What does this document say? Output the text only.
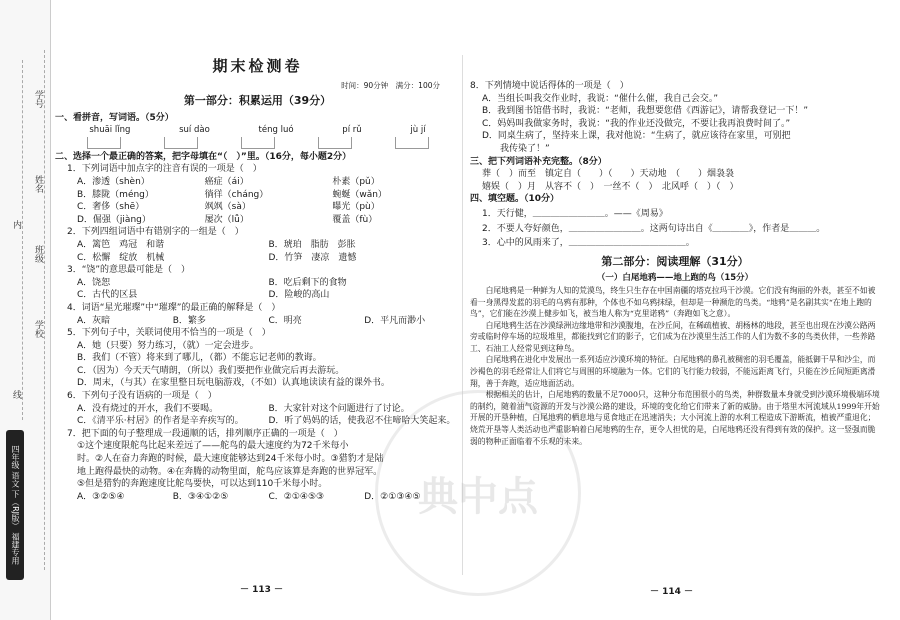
学号
姓名
班级
学校
内
线
四年级 语文 下（RJ版） 福建专用	典中点
期末检测卷
时间：90分钟　满分：100分
第一部分：积累运用（39分）
一、看拼音，写词语。（5分）
shuāi lǐng	suí dào	téng luó	pí rǔ	jù jí
二、选择一个最正确的答案，把字母填在“（　）”里。（16分，每小题2分）
1．下列词语中加点字的注音有误的一项是（　）
A．渗透（shèn）	癌症（ái）	朴素（pǔ）
B．膝陇（méng）	徜徉（cháng）	蜿蜒（wǎn）
C．奢侈（shē）	飒飒（sà）	曝光（pù）
D．倔强（jiàng）	屡次（lǚ）	覆盖（fù）
2．下列四组词语中有错别字的一组是（　）
A．篱笆　鸡冠　和谐	B．琥珀　脂肪　彭胀
C．松懈　绽放　机械	D．竹笋　凄凉　遗憾
3．“饶”的意思最可能是（　）
A．饶恕	B．吃后剩下的食物
C．古代的区县	D．险峻的高山
4．词语“星光璀璨”中“璀璨”的最正确的解释是（　）
A．灰暗	B．繁多	C．明亮	D．平凡而渺小
5．下列句子中，关联词使用不恰当的一项是（　）
A．她（只要）努力练习，（就）一定会进步。
B．我们（不管）将来到了哪儿，（都）不能忘记老师的教诲。
C．（因为）今天天气晴朗，（所以）我们要把作业做完后再去游玩。
D．周末，（与其）在家里整日玩电脑游戏，（不如）认真地读读有益的课外书。
6．下列句子没有语病的一项是（　）
A．没有烧过的开水，我们不要喝。	B．大家针对这个问题进行了讨论。
C．《清平乐·村居》的作者是辛弃疾写的。	D．听了妈妈的话，使我忍不住啼哈大笑起来。
7．把下面的句子整理成一段通顺的话，排列顺序正确的一项是（　）
①这个速度限舵鸟比起来差远了——舵鸟的最大速度约为72千米每小
时。②人在奋力奔跑的时候，最大速度能够达到24千米每小时。③猎豹才是陆
地上跑得最快的动物。④在奔腾的动物里面，舵鸟应该算是奔跑的世界冠军。
⑤但是猎豹的奔跑速度比舵鸟要快，可以达到110千米每小时。
A．③②⑤④	B．③④①②⑤	C．②①④⑤③	D．②①③④⑤
－ 113 －
8．下列情境中说话得体的一项是（　）
A．当组长叫我交作业时，我说：“催什么催，我自己会交。”
B．我到图书馆借书时，我说：“老师，我想要您借《西游记》，请帮我登记一下！”
C．妈妈叫我做家务时，我说：“我的作业还没做完，不要让我再浪费时间了。”
D．同桌生病了，坚持来上课，我对他说：“生病了，就应该待在家里，可别把
　　我传染了！”
三、把下列词语补充完整。（8分）
葬（　）而至　镇定自（　　）（　　）天动地　（　　）烟袅袅
嬉娱（　）月　从容不（　）　一丝不（　）　北风呼（　）（　）
四、填空题。（10分）
1．天行健，＿＿＿＿＿＿＿＿。——《周易》
2．不要人夸好颜色，＿＿＿＿＿＿＿＿。这两句诗出自《＿＿＿＿》，作者是＿＿＿。
3．心中的风雨来了，＿＿＿＿＿＿＿＿＿＿＿＿＿。
第二部分：阅读理解（31分）
（一）白尾地鸦——地上跑的鸟（15分）
白尾地鸦是一种鲜为人知的荒漠鸟，终生只生存在中国南疆的塔克拉玛干沙漠。它们没有绚丽的外表，甚至不如被看一身黑得发蓝的羽毛的乌鸦有那种，个体也不如乌鸦抹绿，但却是一种濒危的鸟类。“地鸦”是名副其实“在地上跑的鸟”，它们能在沙漠上健步如飞，被当地人称为“克里诺鸦”（奔跑如飞之意）。
白尾地鸦生活在沙漠绿洲边缘地带和沙漠腹地，在沙丘间，在稀疏植被、胡杨林的地段，甚至也出现在沙漠公路两旁或临时停车场的垃圾堆里，都能找到它们的影子，它们成为在沙漠里生活工作的人们为数不多的鸟类伙伴，一些养路工、石油工人经常见到这种鸟。
白尾地鸦在进化中发展出一系列适应沙漠环境的特征。白尾地鸦的鼻孔被稠密的羽毛覆盖，能抵御干旱和沙尘，而沙褐色的羽毛经常让人们将它与周围的环境融为一体。它们的飞行能力较弱，不能远距离飞行，只能在沙丘间短距离滑翔，善于奔跑，适应地面活动。
根据相关的估计，白尾地鸦的数量不足7000只，这种分布范围很小的鸟类，种群数量本身就受到沙漠环境极端环境的制约，随着油气资源的开发与沙漠公路的建设，环境的变化给它们带来了新的威胁。由于塔里木河流域从1999年开始开展的开垦种植，白尾地鸦的栖息地与觅食地正在迅速消失；大小河流上游的水利工程造成下游断流，植被严重退化；烧荒开垦等人类活动也严重影响着白尾地鸦的生存，更令人担忧的是，白尾地鸦还没有得到有效的保护。这一竖强而脆弱的物种正面临着不乐观的未来。
－ 114 －
